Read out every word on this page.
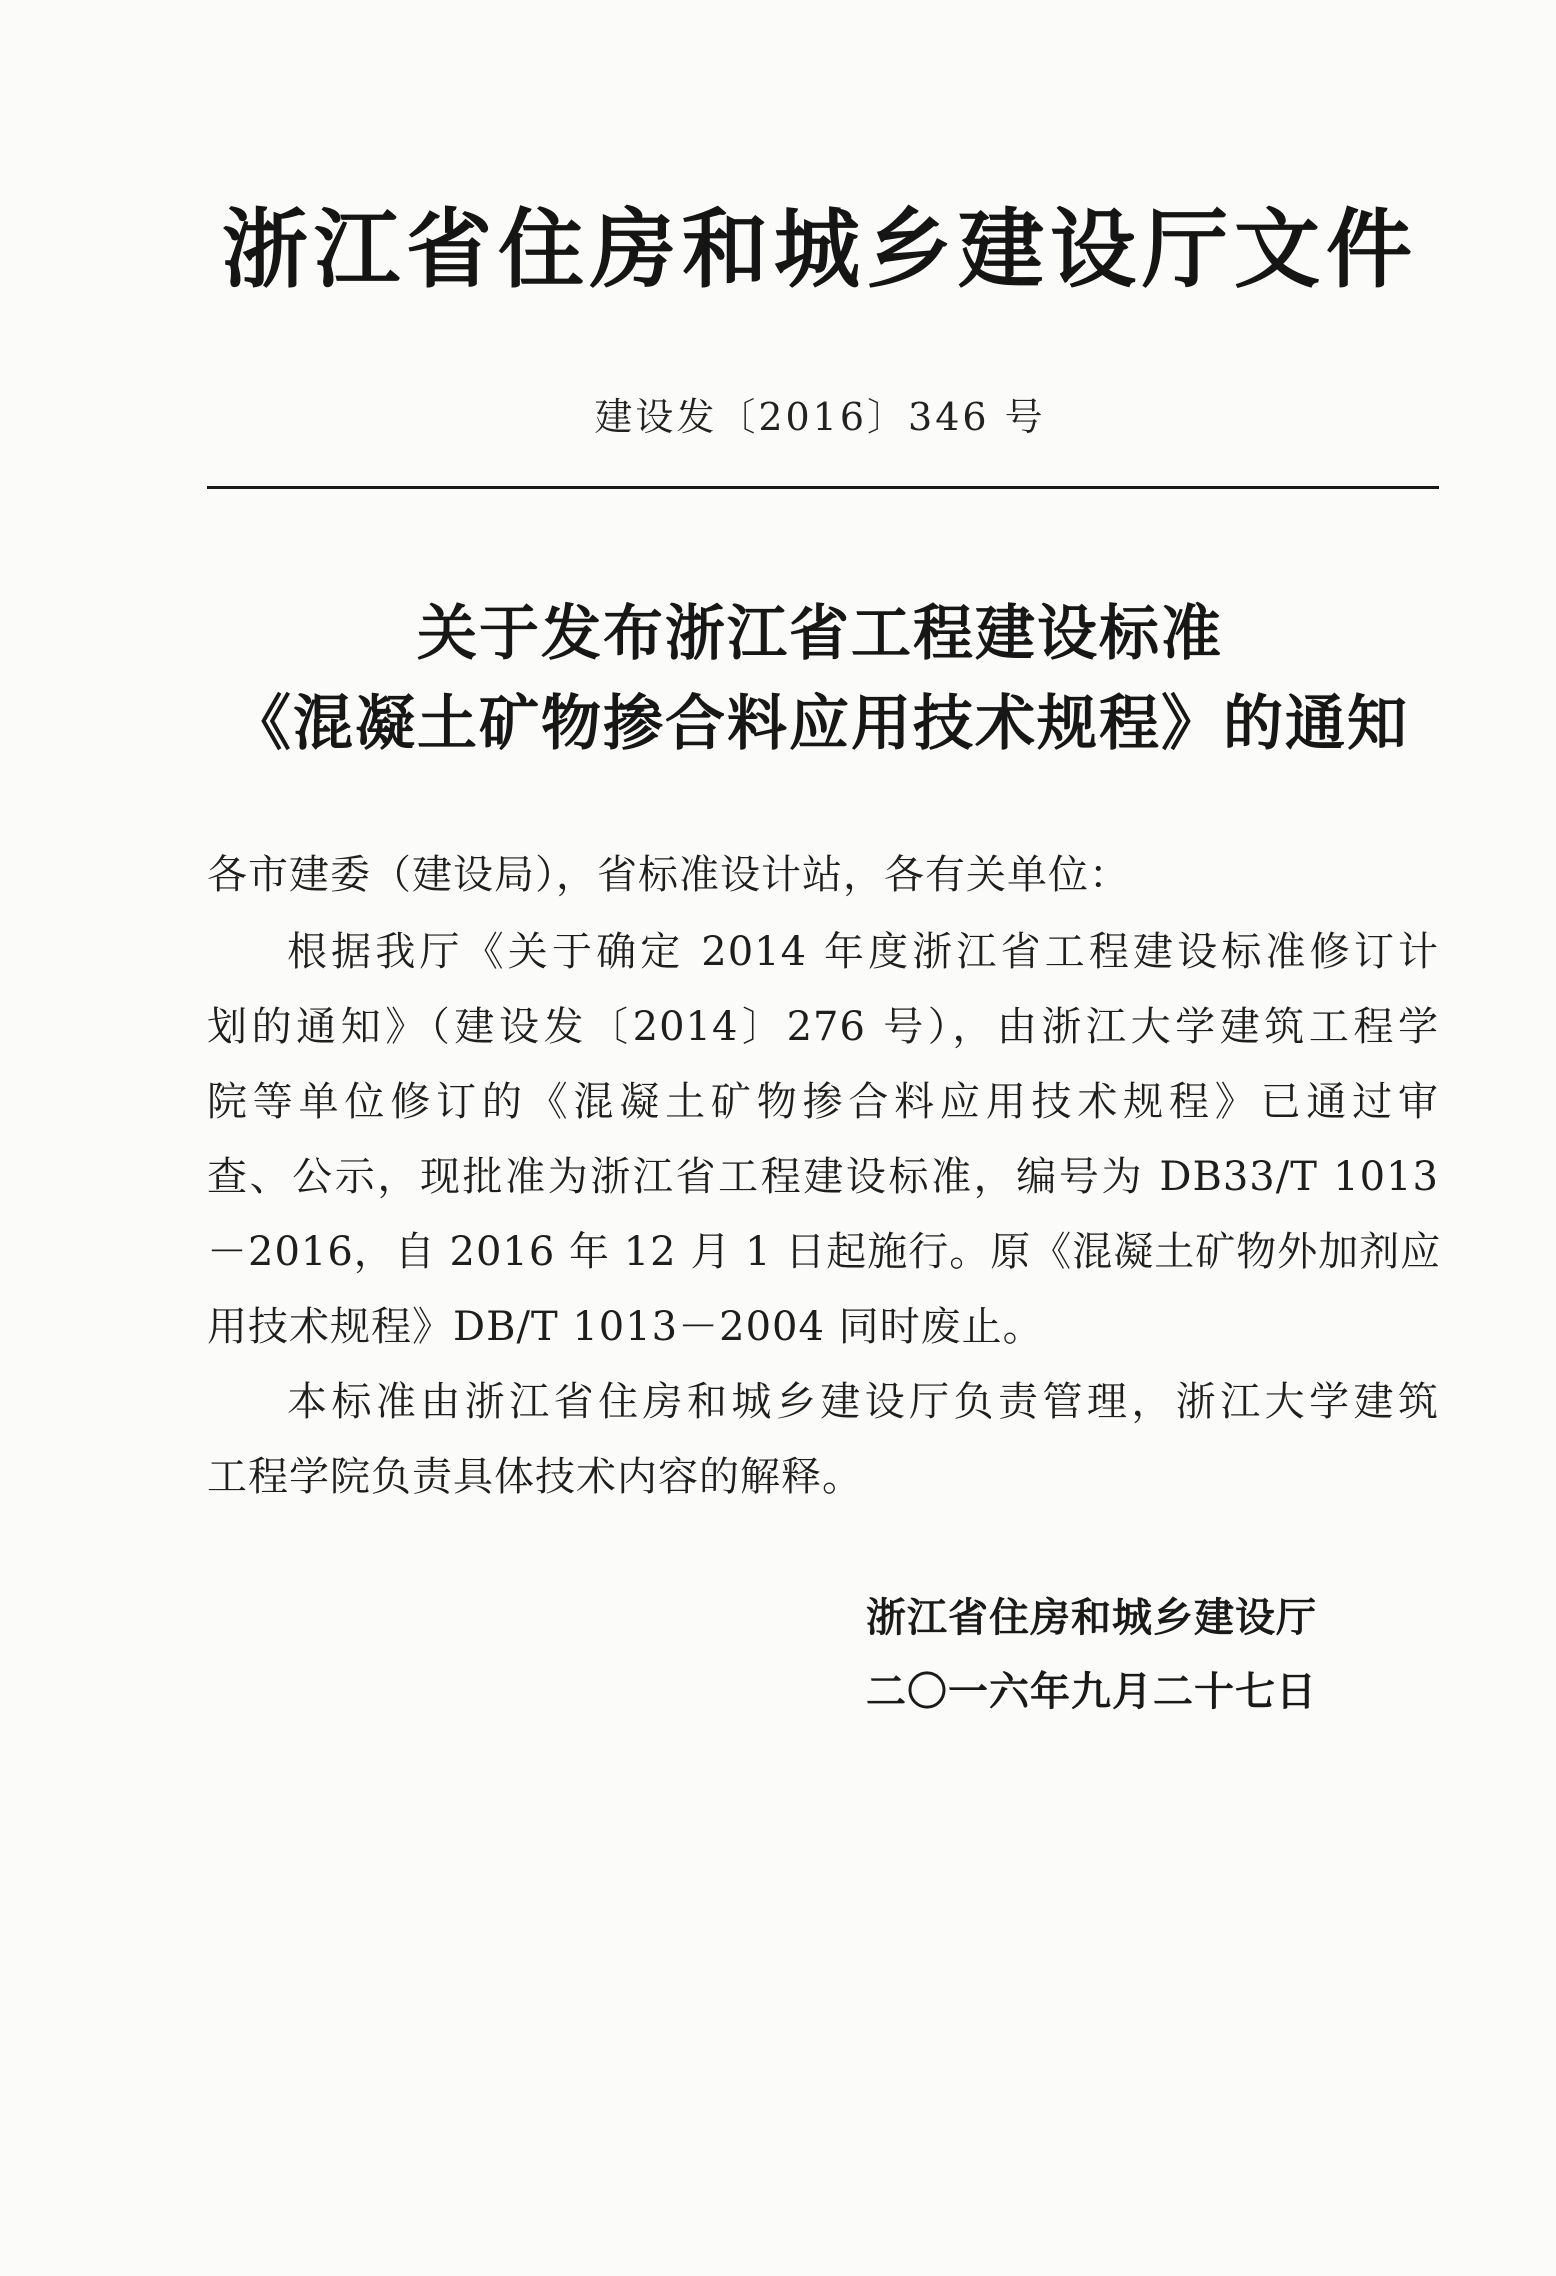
浙江省住房和城乡建设厅文件
建设发〔2016〕346 号
关于发布浙江省工程建设标准
《混凝土矿物掺合料应用技术规程》的通知
各市建委（建设局），省标准设计站，各有关单位：
根据我厅《关于确定 2014 年度浙江省工程建设标准修订计
划的通知》（建设发〔2014〕276 号），由浙江大学建筑工程学
院等单位修订的《混凝土矿物掺合料应用技术规程》已通过审
查、公示，现批准为浙江省工程建设标准，编号为 DB33/T 1013
－2016，自 2016 年 12 月 1 日起施行。原《混凝土矿物外加剂应
用技术规程》DB/T 1013－2004 同时废止。
本标准由浙江省住房和城乡建设厅负责管理，浙江大学建筑
工程学院负责具体技术内容的解释。
浙江省住房和城乡建设厅
二〇一六年九月二十七日
